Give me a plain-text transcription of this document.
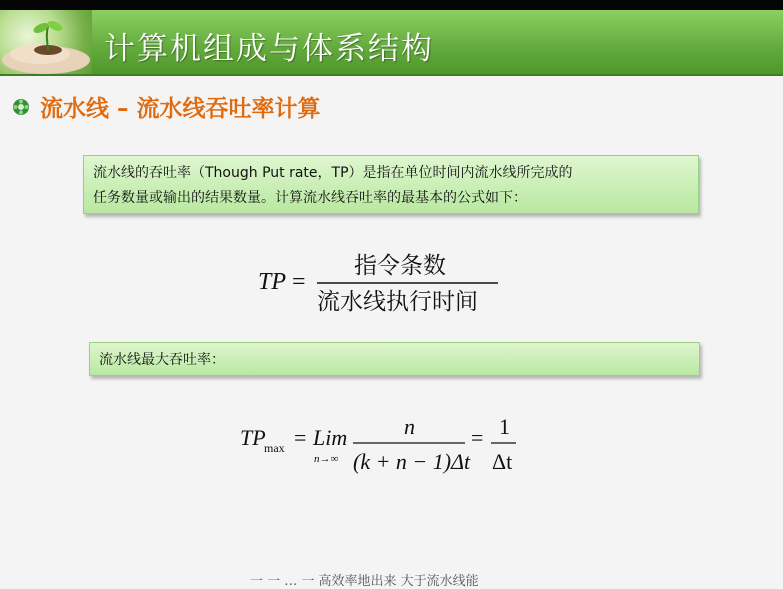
计算机组成与体系结构
流水线 – 流水线吞吐率计算
流水线的吞吐率（Though Put rate，TP）是指在单位时间内流水线所完成的
任务数量或输出的结果数量。计算流水线吞吐率的最基本的公式如下：
TP =
指令条数
流水线执行时间
TP
max = Lim
n→∞
n
(k + n − 1)Δt
= 1
Δt
流水线最大吞吐率：
一 一 … 一 高效率地出来 大于流水线能
